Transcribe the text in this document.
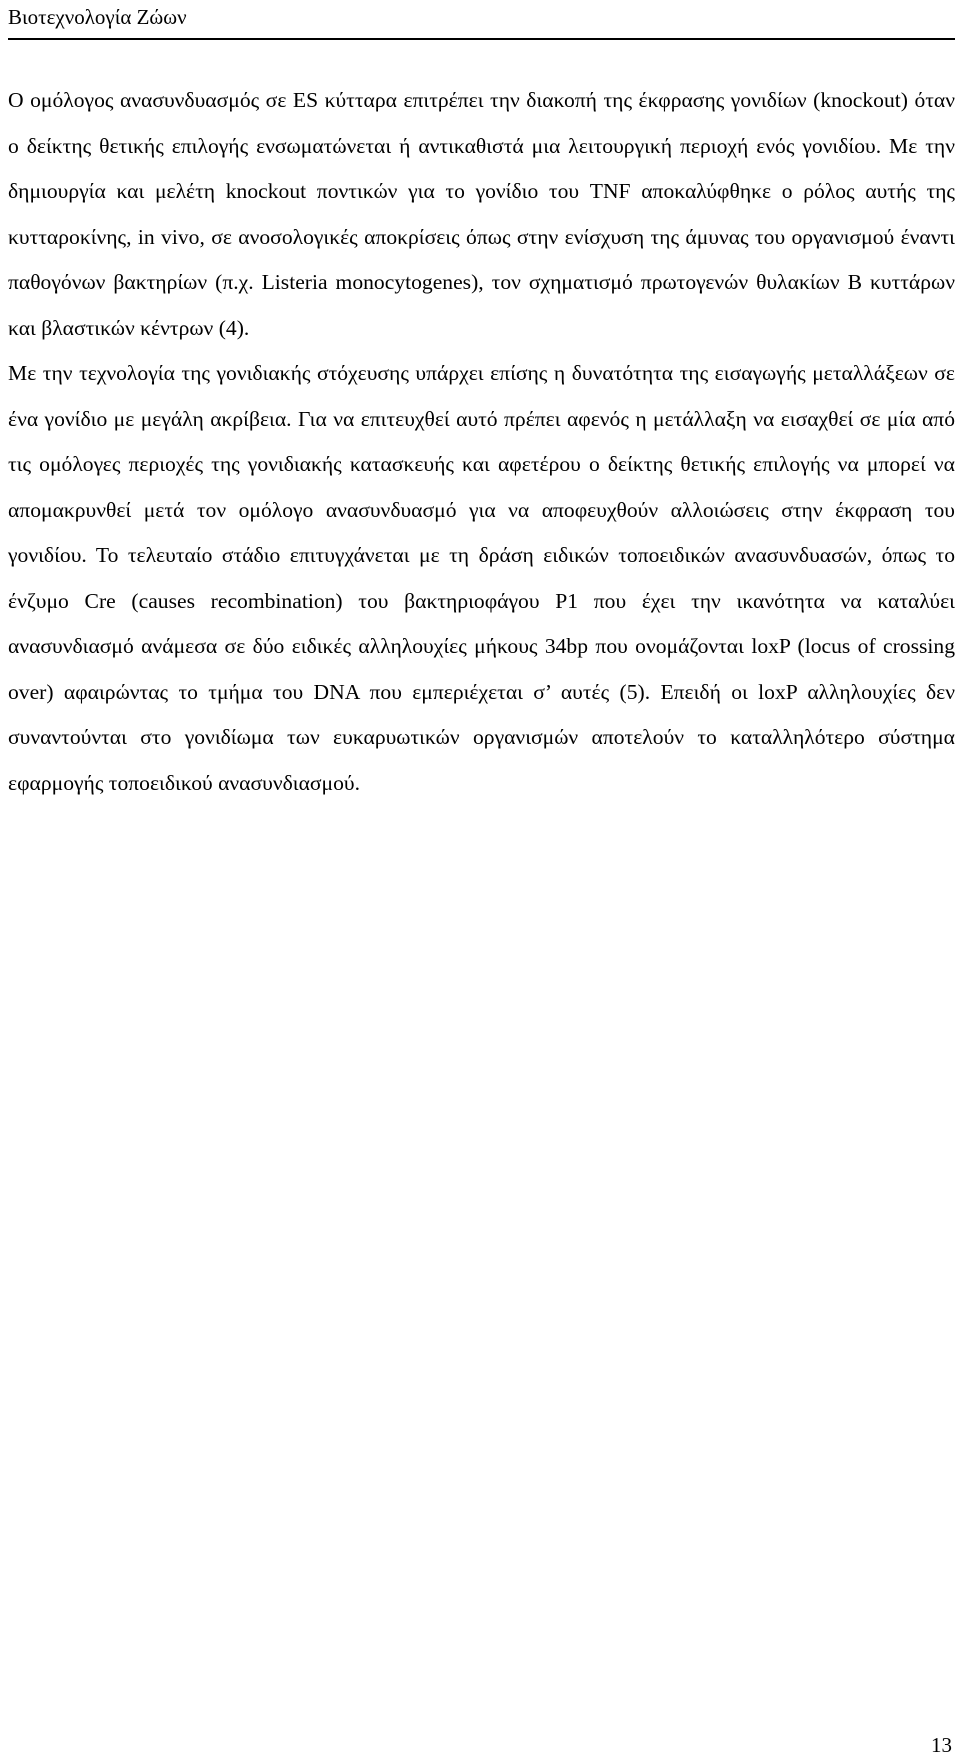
Βιοτεχνολογία Ζώων

Ο ομόλογος ανασυνδυασμός σε ES κύτταρα επιτρέπει την διακοπή της έκφρασης γονιδίων (knockout) όταν ο δείκτης θετικής επιλογής ενσωματώνεται ή αντικαθιστά μια λειτουργική περιοχή ενός γονιδίου. Με την δημιουργία και μελέτη knockout ποντικών για το γονίδιο του TNF αποκαλύφθηκε ο ρόλος αυτής της κυτταροκίνης, in vivo, σε ανοσολογικές αποκρίσεις όπως στην ενίσχυση της άμυνας του οργανισμού έναντι παθογόνων βακτηρίων (π.χ. Listeria monocytogenes), τον σχηματισμό πρωτογενών θυλακίων Β κυττάρων και βλαστικών κέντρων (4).

Με την τεχνολογία της γονιδιακής στόχευσης υπάρχει επίσης η δυνατότητα της εισαγωγής μεταλλάξεων σε ένα γονίδιο με μεγάλη ακρίβεια. Για να επιτευχθεί αυτό πρέπει αφενός η μετάλλαξη να εισαχθεί σε μία από τις ομόλογες περιοχές της γονιδιακής κατασκευής και αφετέρου ο δείκτης θετικής επιλογής να μπορεί να απομακρυνθεί μετά τον ομόλογο ανασυνδυασμό για να αποφευχθούν αλλοιώσεις στην έκφραση του γονιδίου. Το τελευταίο στάδιο επιτυγχάνεται με τη δράση ειδικών τοποειδικών ανασυνδυασών, όπως το ένζυμο Cre (causes recombination) του βακτηριοφάγου P1 που έχει την ικανότητα να καταλύει ανασυνδιασμό ανάμεσα σε δύο ειδικές αλληλουχίες μήκους 34bp που ονομάζονται loxP (locus of crossing over) αφαιρώντας το τμήμα του DNA που εμπεριέχεται σ’ αυτές (5). Επειδή οι loxP αλληλουχίες δεν συναντούνται στο γονιδίωμα των ευκαρυωτικών οργανισμών αποτελούν το καταλληλότερο σύστημα εφαρμογής τοποειδικού ανασυνδιασμού.

13
